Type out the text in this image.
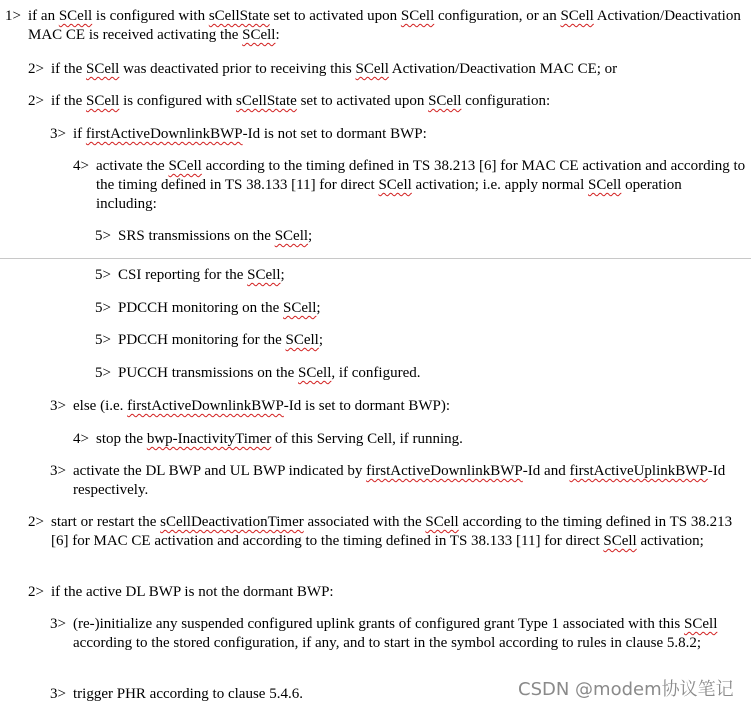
1> if an SCell is configured with sCellState set to activated upon SCell configuration, or an SCell Activation/Deactivation MAC CE is received activating the SCell:
2> if the SCell was deactivated prior to receiving this SCell Activation/Deactivation MAC CE; or
2> if the SCell is configured with sCellState set to activated upon SCell configuration:
3> if firstActiveDownlinkBWP-Id is not set to dormant BWP:
4> activate the SCell according to the timing defined in TS 38.213 [6] for MAC CE activation and according to the timing defined in TS 38.133 [11] for direct SCell activation; i.e. apply normal SCell operation including:
5> SRS transmissions on the SCell;
5> CSI reporting for the SCell;
5> PDCCH monitoring on the SCell;
5> PDCCH monitoring for the SCell;
5> PUCCH transmissions on the SCell, if configured.
3> else (i.e. firstActiveDownlinkBWP-Id is set to dormant BWP):
4> stop the bwp-InactivityTimer of this Serving Cell, if running.
3> activate the DL BWP and UL BWP indicated by firstActiveDownlinkBWP-Id and firstActiveUplinkBWP-Id respectively.
2> start or restart the sCellDeactivationTimer associated with the SCell according to the timing defined in TS 38.213 [6] for MAC CE activation and according to the timing defined in TS 38.133 [11] for direct SCell activation;
2> if the active DL BWP is not the dormant BWP:
3> (re-)initialize any suspended configured uplink grants of configured grant Type 1 associated with this SCell according to the stored configuration, if any, and to start in the symbol according to rules in clause 5.8.2;
3> trigger PHR according to clause 5.4.6.	CSDN @modem协议笔记
